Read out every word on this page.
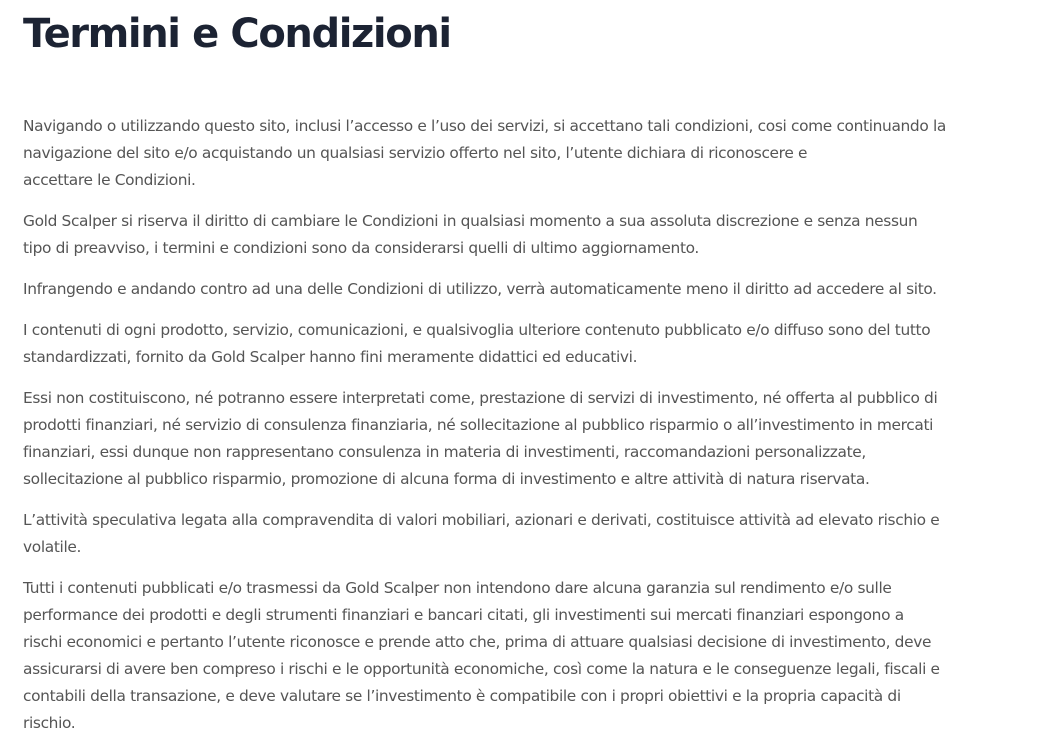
Termini e Condizioni

Navigando o utilizzando questo sito, inclusi l’accesso e l’uso dei servizi, si accettano tali condizioni, cosi come continuando la
navigazione del sito e/o acquistando un qualsiasi servizio offerto nel sito, l’utente dichiara di riconoscere e
accettare le Condizioni.

Gold Scalper si riserva il diritto di cambiare le Condizioni in qualsiasi momento a sua assoluta discrezione e senza nessun
tipo di preavviso, i termini e condizioni sono da considerarsi quelli di ultimo aggiornamento.

Infrangendo e andando contro ad una delle Condizioni di utilizzo, verrà automaticamente meno il diritto ad accedere al sito.

I contenuti di ogni prodotto, servizio, comunicazioni, e qualsivoglia ulteriore contenuto pubblicato e/o diffuso sono del tutto
standardizzati, fornito da Gold Scalper hanno fini meramente didattici ed educativi.

Essi non costituiscono, né potranno essere interpretati come, prestazione di servizi di investimento, né offerta al pubblico di
prodotti finanziari, né servizio di consulenza finanziaria, né sollecitazione al pubblico risparmio o all’investimento in mercati
finanziari, essi dunque non rappresentano consulenza in materia di investimenti, raccomandazioni personalizzate,
sollecitazione al pubblico risparmio, promozione di alcuna forma di investimento e altre attività di natura riservata.

L’attività speculativa legata alla compravendita di valori mobiliari, azionari e derivati, costituisce attività ad elevato rischio e
volatile.

Tutti i contenuti pubblicati e/o trasmessi da Gold Scalper non intendono dare alcuna garanzia sul rendimento e/o sulle
performance dei prodotti e degli strumenti finanziari e bancari citati, gli investimenti sui mercati finanziari espongono a
rischi economici e pertanto l’utente riconosce e prende atto che, prima di attuare qualsiasi decisione di investimento, deve
assicurarsi di avere ben compreso i rischi e le opportunità economiche, così come la natura e le conseguenze legali, fiscali e
contabili della transazione, e deve valutare se l’investimento è compatibile con i propri obiettivi e la propria capacità di
rischio.
